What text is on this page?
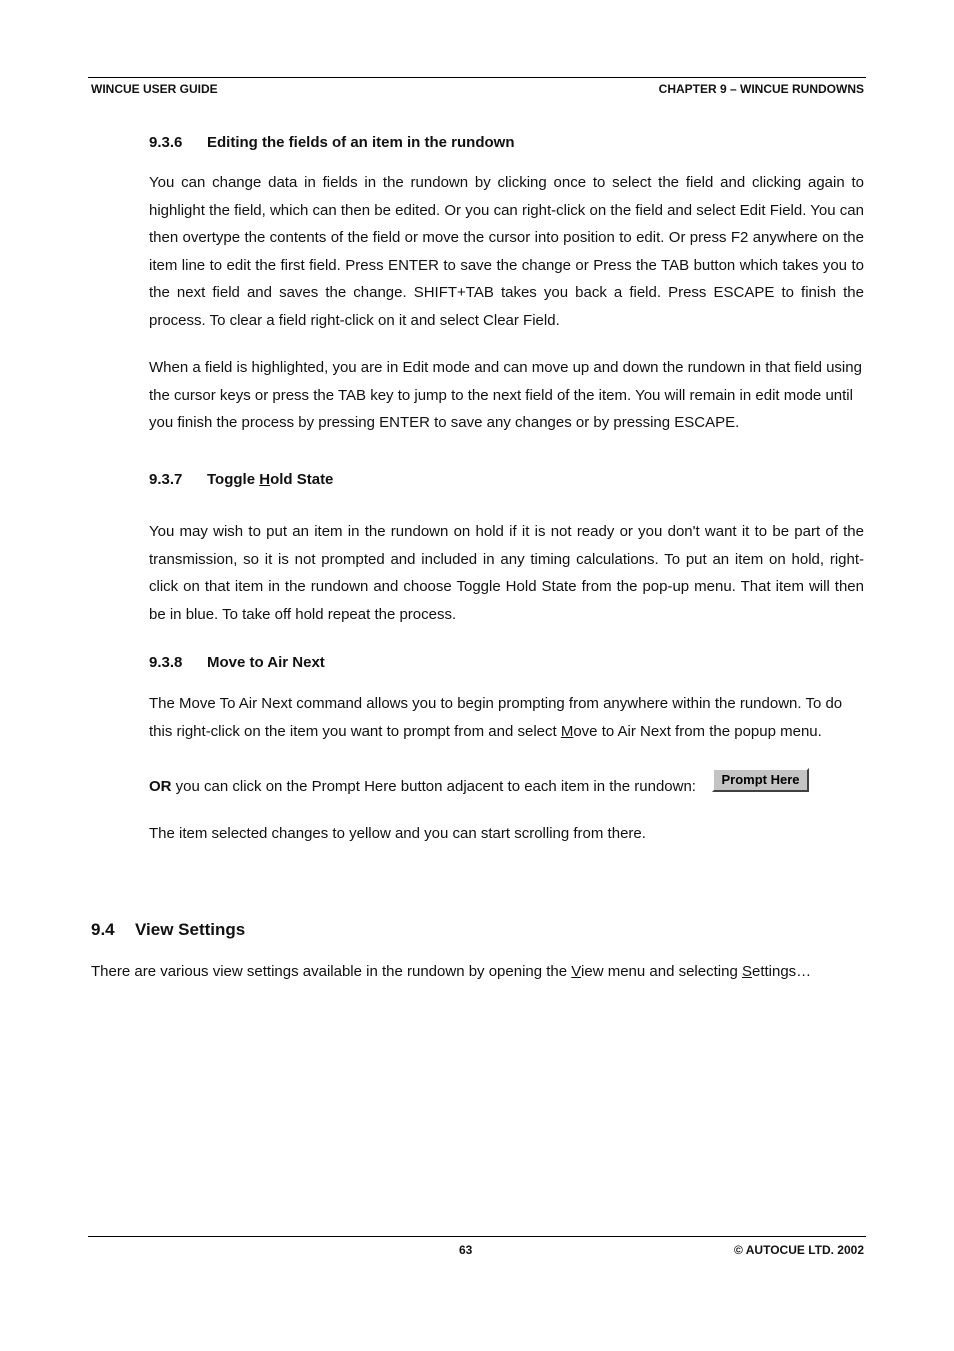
WINCUE USER GUIDE	CHAPTER 9 – WINCUE RUNDOWNS
9.3.6 Editing the fields of an item in the rundown
You can change data in fields in the rundown by clicking once to select the field and clicking again to highlight the field, which can then be edited. Or you can right-click on the field and select Edit Field. You can then overtype the contents of the field or move the cursor into position to edit. Or press F2 anywhere on the item line to edit the first field. Press ENTER to save the change or Press the TAB button which takes you to the next field and saves the change. SHIFT+TAB takes you back a field. Press ESCAPE to finish the process. To clear a field right-click on it and select Clear Field.
When a field is highlighted, you are in Edit mode and can move up and down the rundown in that field using the cursor keys or press the TAB key to jump to the next field of the item. You will remain in edit mode until you finish the process by pressing ENTER to save any changes or by pressing ESCAPE.
9.3.7 Toggle Hold State
You may wish to put an item in the rundown on hold if it is not ready or you don't want it to be part of the transmission, so it is not prompted and included in any timing calculations. To put an item on hold, right-click on that item in the rundown and choose Toggle Hold State from the pop-up menu. That item will then be in blue. To take off hold repeat the process.
9.3.8 Move to Air Next
The Move To Air Next command allows you to begin prompting from anywhere within the rundown. To do this right-click on the item you want to prompt from and select Move to Air Next from the popup menu.
OR you can click on the Prompt Here button adjacent to each item in the rundown:	Prompt Here
The item selected changes to yellow and you can start scrolling from there.
9.4 View Settings
There are various view settings available in the rundown by opening the View menu and selecting Settings…
63	© AUTOCUE LTD. 2002
